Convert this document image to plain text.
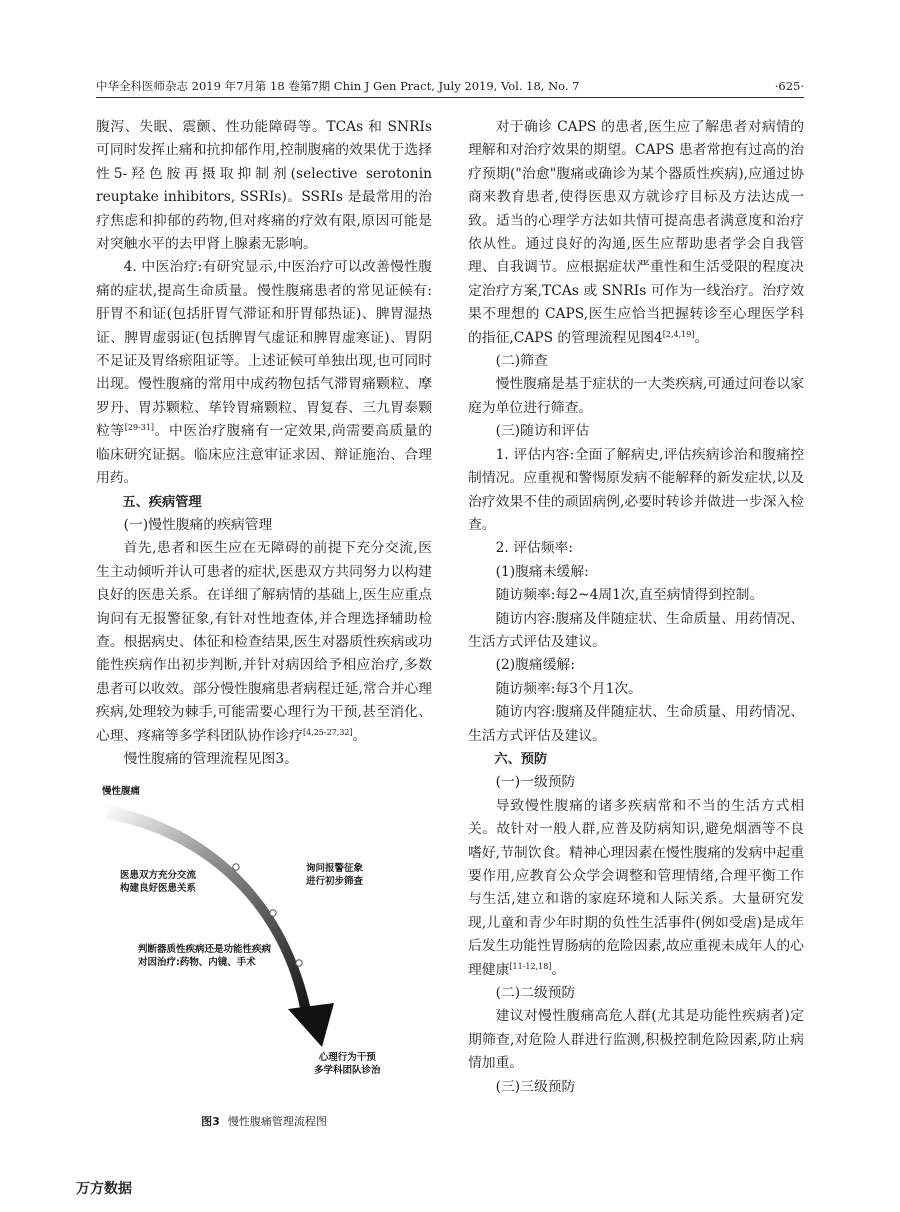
中华全科医师杂志 2019 年7月第 18 卷第7期 Chin J Gen Pract, July 2019, Vol. 18, No. 7	·625·

腹泻、失眠、震颤、性功能障碍等。TCAs 和 SNRIs 可同时发挥止痛和抗抑郁作用,控制腹痛的效果优于选择性5-羟色胺再摄取抑制剂(selective serotonin reuptake inhibitors, SSRIs)。SSRIs 是最常用的治疗焦虑和抑郁的药物,但对疼痛的疗效有限,原因可能是对突触水平的去甲肾上腺素无影响。

4. 中医治疗:有研究显示,中医治疗可以改善慢性腹痛的症状,提高生命质量。慢性腹痛患者的常见证候有:肝胃不和证(包括肝胃气滞证和肝胃郁热证)、脾胃湿热证、脾胃虚弱证(包括脾胃气虚证和脾胃虚寒证)、胃阴不足证及胃络瘀阻证等。上述证候可单独出现,也可同时出现。慢性腹痛的常用中成药物包括气滞胃痛颗粒、摩罗丹、胃苏颗粒、荜铃胃痛颗粒、胃复春、三九胃泰颗粒等[29-31]。中医治疗腹痛有一定效果,尚需要高质量的临床研究证据。临床应注意审证求因、辩证施治、合理用药。

五、疾病管理

(一)慢性腹痛的疾病管理

首先,患者和医生应在无障碍的前提下充分交流,医生主动倾听并认可患者的症状,医患双方共同努力以构建良好的医患关系。在详细了解病情的基础上,医生应重点询问有无报警征象,有针对性地查体,并合理选择辅助检查。根据病史、体征和检查结果,医生对器质性疾病或功能性疾病作出初步判断,并针对病因给予相应治疗,多数患者可以收效。部分慢性腹痛患者病程迁延,常合并心理疾病,处理较为棘手,可能需要心理行为干预,甚至消化、心理、疼痛等多学科团队协作诊疗[4,25-27,32]。

慢性腹痛的管理流程见图3。

慢性腹痛
医患双方充分交流
构建良好医患关系
询问报警征象
进行初步筛查
判断器质性疾病还是功能性疾病
对因治疗:药物、内镜、手术
心理行为干预
多学科团队诊治
图3 慢性腹痛管理流程图

对于确诊 CAPS 的患者,医生应了解患者对病情的理解和对治疗效果的期望。CAPS 患者常抱有过高的治疗预期("治愈"腹痛或确诊为某个器质性疾病),应通过协商来教育患者,使得医患双方就诊疗目标及方法达成一致。适当的心理学方法如共情可提高患者满意度和治疗依从性。通过良好的沟通,医生应帮助患者学会自我管理、自我调节。应根据症状严重性和生活受限的程度决定治疗方案,TCAs 或 SNRIs 可作为一线治疗。治疗效果不理想的 CAPS,医生应恰当把握转诊至心理医学科的指征,CAPS 的管理流程见图4[2,4,19]。

(二)筛查

慢性腹痛是基于症状的一大类疾病,可通过问卷以家庭为单位进行筛查。

(三)随访和评估

1. 评估内容:全面了解病史,评估疾病诊治和腹痛控制情况。应重视和警惕原发病不能解释的新发症状,以及治疗效果不佳的顽固病例,必要时转诊并做进一步深入检查。

2. 评估频率:

(1)腹痛未缓解:

随访频率:每2~4周1次,直至病情得到控制。

随访内容:腹痛及伴随症状、生命质量、用药情况、生活方式评估及建议。

(2)腹痛缓解:

随访频率:每3个月1次。

随访内容:腹痛及伴随症状、生命质量、用药情况、生活方式评估及建议。

六、预防

(一)一级预防

导致慢性腹痛的诸多疾病常和不当的生活方式相关。故针对一般人群,应普及防病知识,避免烟酒等不良嗜好,节制饮食。精神心理因素在慢性腹痛的发病中起重要作用,应教育公众学会调整和管理情绪,合理平衡工作与生活,建立和谐的家庭环境和人际关系。大量研究发现,儿童和青少年时期的负性生活事件(例如受虐)是成年后发生功能性胃肠病的危险因素,故应重视未成年人的心理健康[11-12,18]。

(二)二级预防

建议对慢性腹痛高危人群(尤其是功能性疾病者)定期筛查,对危险人群进行监测,积极控制危险因素,防止病情加重。

(三)三级预防

万方数据
